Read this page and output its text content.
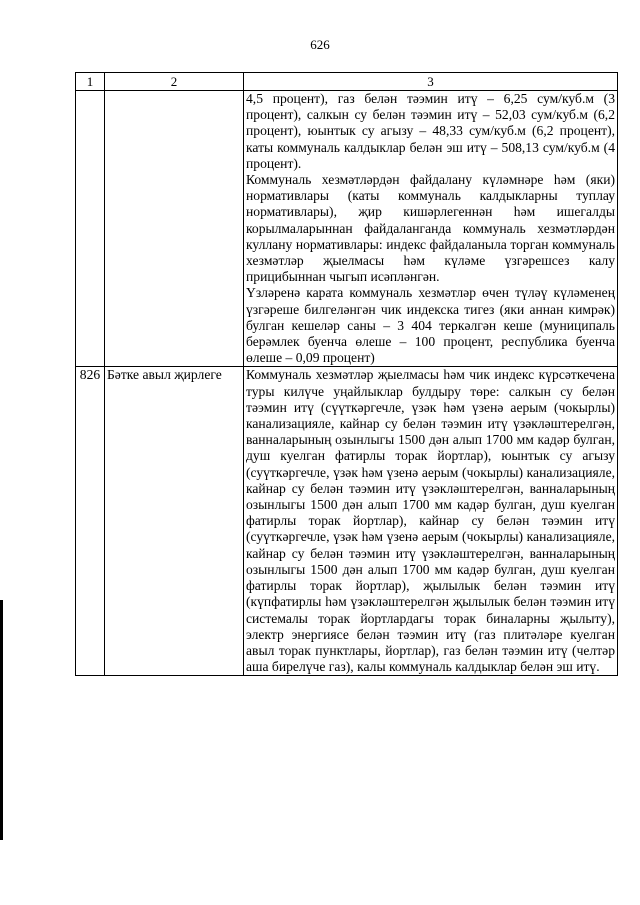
626
1	2	3

		4,5 процент), газ белән тәэмин итү – 6,25 сум/куб.м (3 процент), салкын су белән тәэмин итү – 52,03 сум/куб.м (6,2 процент), юынтык су агызу – 48,33 сум/куб.м (6,2 процент), каты коммуналь калдыклар белән эш итү – 508,13 сум/куб.м (4 процент).

Коммуналь хезмәтләрдән файдалану күләмнәре һәм (яки) нормативлары (каты коммуналь калдыкларны туплау нормативлары), җир кишәрлегеннән һәм ишегалды корылмаларыннан файдаланганда коммуналь хезмәтләрдән куллану нормативлары: индекс файдаланыла торган коммуналь хезмәтләр җыелмасы һәм күләме үзгәрешсез калу прицибыннан чыгып исәпләнгән.

Үзләренә карата коммуналь хезмәтләр өчен түләү күләменең үзгәреше билгеләнгән чик индекска тигез (яки аннан кимрәк) булган кешеләр саны – 3 404 теркәлгән кеше (муниципаль берәмлек буенча өлеше – 100 процент, республика буенча өлеше – 0,09 процент)

826	Бәтке авыл җирлеге	Коммуналь хезмәтләр җыелмасы һәм чик индекс күрсәткечена туры килүче уңайлыклар булдыру төре: салкын су белән тәэмин итү (сүүткәргечле, үзәк һәм үзенә аерым (чокырлы) канализацияле, кайнар су белән тәэмин итү үзәкләштерелгән, ванналарының озынлыгы 1500 дән алып 1700 мм кадәр булган, душ куелган фатирлы торак йортлар), юынтык су агызу (суүткәргечле, үзәк һәм үзенә аерым (чокырлы) канализацияле, кайнар су белән тәэмин итү үзәкләштерелгән, ванналарының озынлыгы 1500 дән алып 1700 мм кадәр булган, душ куелган фатирлы торак йортлар), кайнар су белән тәэмин итү (суүткәргечле, үзәк һәм үзенә аерым (чокырлы) канализацияле, кайнар су белән тәэмин итү үзәкләштерелгән, ванналарының озынлыгы 1500 дән алып 1700 мм кадәр булган, душ куелган фатирлы торак йортлар), җылылык белән тәэмин итү (күпфатирлы һәм үзәкләштерелгән җылылык белән тәэмин итү системалы торак йортлардагы торак биналарны җылыту), электр энергиясе белән тәэмин итү (газ плитәләре куелган авыл торак пунктлары, йортлар), газ белән тәэмин итү (челтәр аша бирелүче газ), калы коммуналь калдыклар белән эш итү.
